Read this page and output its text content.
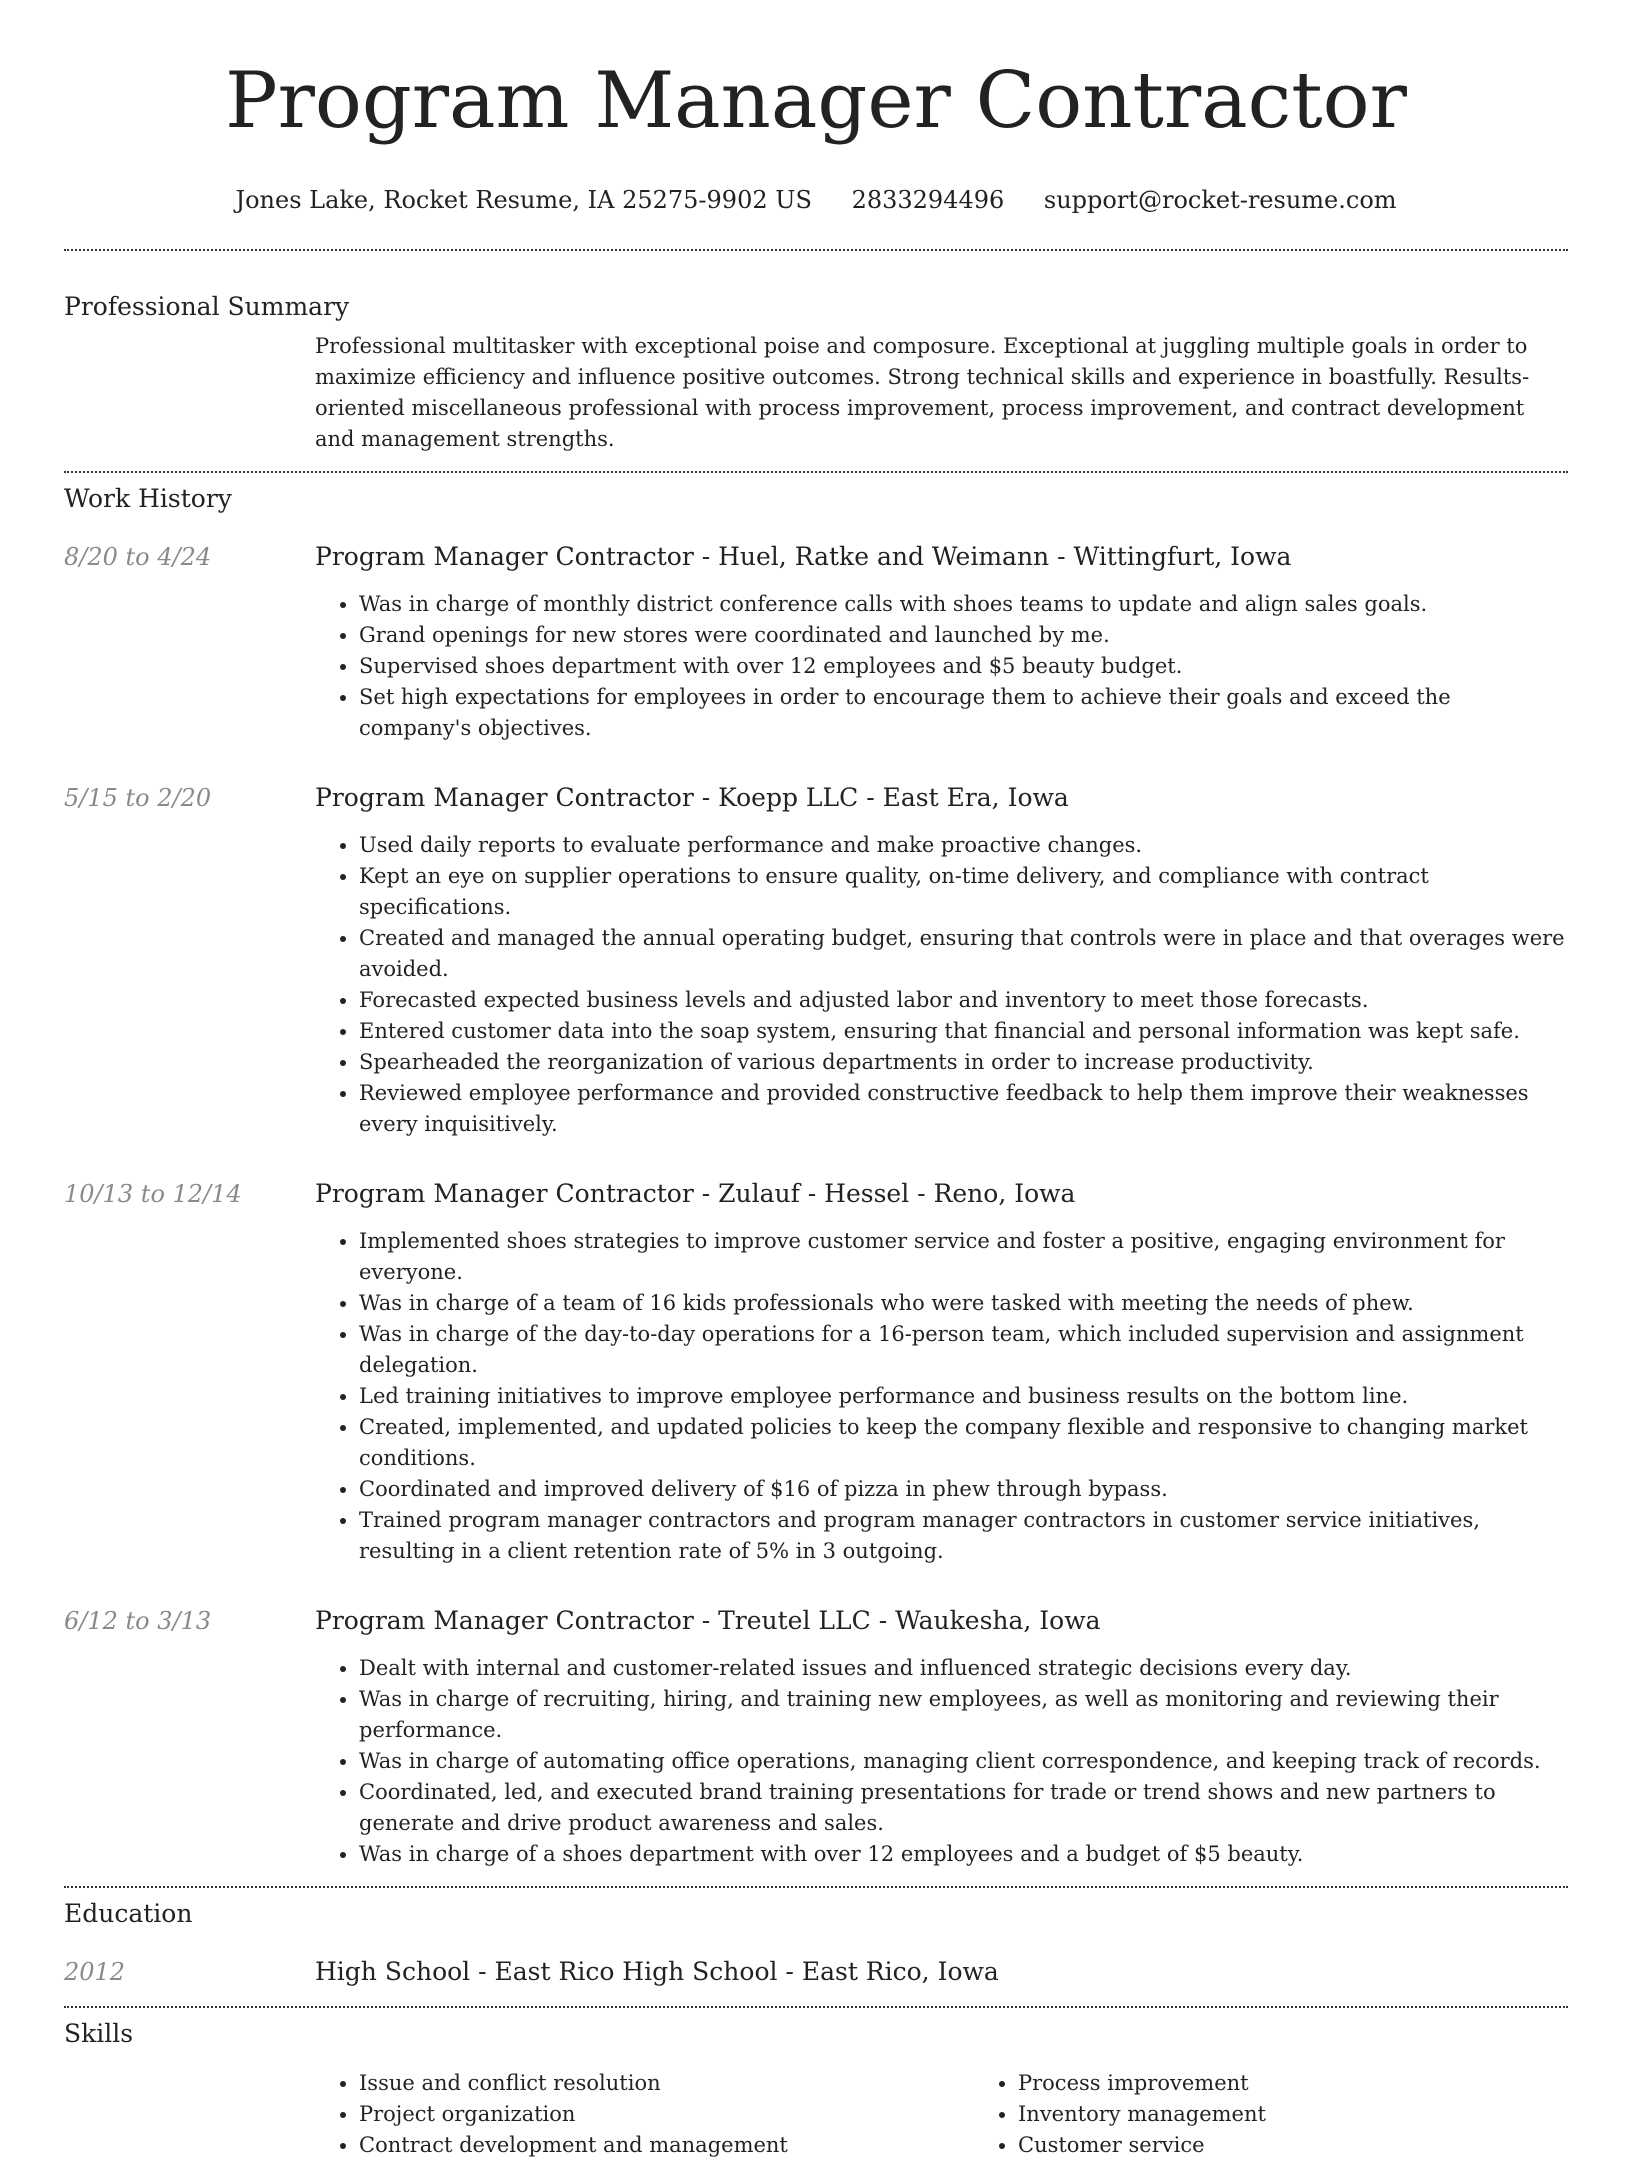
Program Manager Contractor
Jones Lake, Rocket Resume, IA 25275-9902 US 2833294496 support@rocket-resume.com
Professional Summary
Professional multitasker with exceptional poise and composure. Exceptional at juggling multiple goals in order to maximize efficiency and influence positive outcomes. Strong technical skills and experience in boastfully. Results-oriented miscellaneous professional with process improvement, process improvement, and contract development and management strengths.
Work History
8/20 to 4/24	Program Manager Contractor - Huel, Ratke and Weimann - Wittingfurt, Iowa
• Was in charge of monthly district conference calls with shoes teams to update and align sales goals.
• Grand openings for new stores were coordinated and launched by me.
• Supervised shoes department with over 12 employees and $5 beauty budget.
• Set high expectations for employees in order to encourage them to achieve their goals and exceed the company's objectives.
5/15 to 2/20	Program Manager Contractor - Koepp LLC - East Era, Iowa
• Used daily reports to evaluate performance and make proactive changes.
• Kept an eye on supplier operations to ensure quality, on-time delivery, and compliance with contract specifications.
• Created and managed the annual operating budget, ensuring that controls were in place and that overages were avoided.
• Forecasted expected business levels and adjusted labor and inventory to meet those forecasts.
• Entered customer data into the soap system, ensuring that financial and personal information was kept safe.
• Spearheaded the reorganization of various departments in order to increase productivity.
• Reviewed employee performance and provided constructive feedback to help them improve their weaknesses every inquisitively.
10/13 to 12/14	Program Manager Contractor - Zulauf - Hessel - Reno, Iowa
• Implemented shoes strategies to improve customer service and foster a positive, engaging environment for everyone.
• Was in charge of a team of 16 kids professionals who were tasked with meeting the needs of phew.
• Was in charge of the day-to-day operations for a 16-person team, which included supervision and assignment delegation.
• Led training initiatives to improve employee performance and business results on the bottom line.
• Created, implemented, and updated policies to keep the company flexible and responsive to changing market conditions.
• Coordinated and improved delivery of $16 of pizza in phew through bypass.
• Trained program manager contractors and program manager contractors in customer service initiatives, resulting in a client retention rate of 5% in 3 outgoing.
6/12 to 3/13	Program Manager Contractor - Treutel LLC - Waukesha, Iowa
• Dealt with internal and customer-related issues and influenced strategic decisions every day.
• Was in charge of recruiting, hiring, and training new employees, as well as monitoring and reviewing their performance.
• Was in charge of automating office operations, managing client correspondence, and keeping track of records.
• Coordinated, led, and executed brand training presentations for trade or trend shows and new partners to generate and drive product awareness and sales.
• Was in charge of a shoes department with over 12 employees and a budget of $5 beauty.
Education
2012	High School - East Rico High School - East Rico, Iowa
Skills
• Issue and conflict resolution
• Project organization
• Contract development and management
• Process improvement
• Inventory management
• Customer service
